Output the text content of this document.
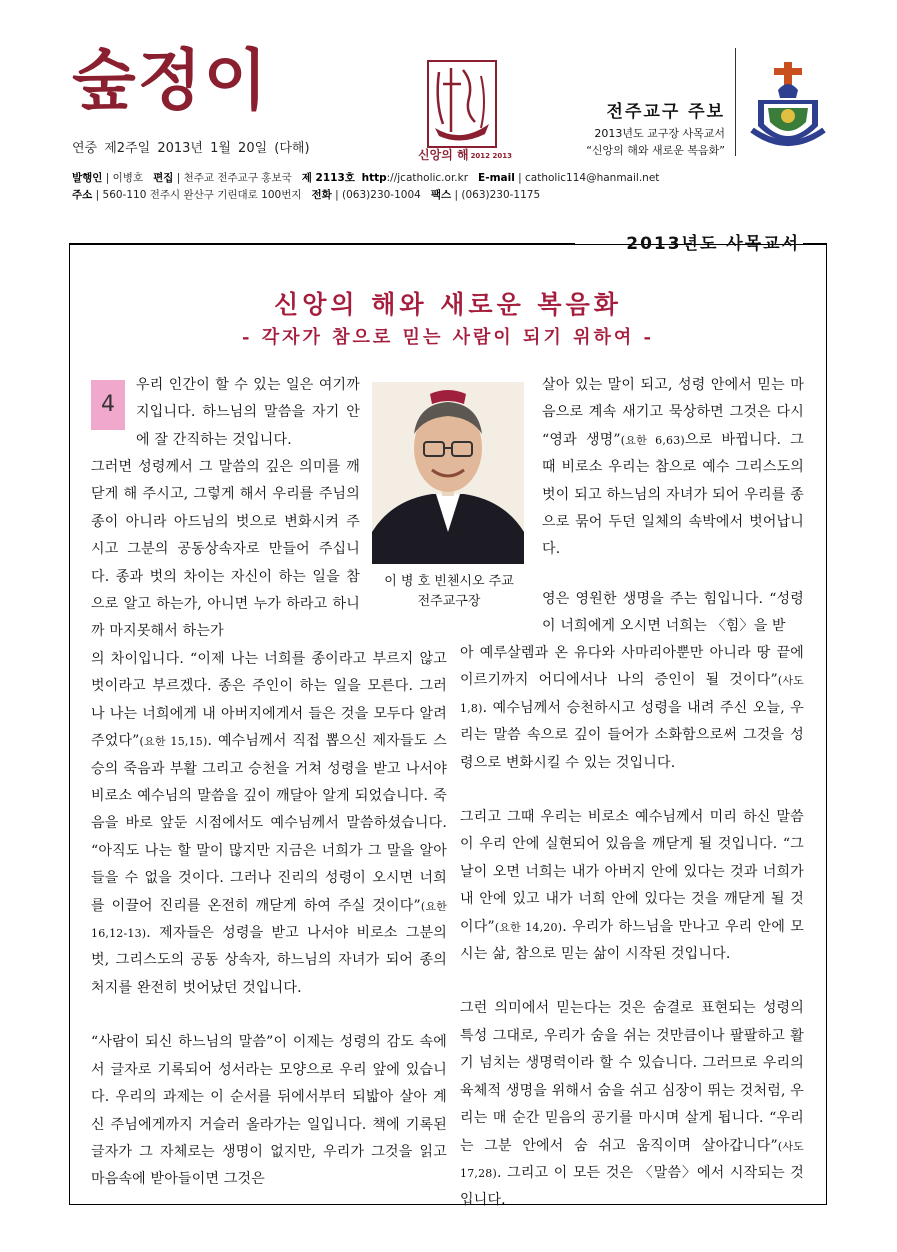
숲정이
연중 제2주일 2013년 1월 20일 (다해)	신앙의 해 2012 2013
전주교구 주보
2013년도 교구장 사목교서
“신앙의 해와 새로운 복음화”
발행인 | 이병호 편집 | 천주교 전주교구 홍보국 제 2113호 http://jcatholic.or.kr E-mail | catholic114@hanmail.net
주소 | 560-110 전주시 완산구 기린대로 100번지 전화 | (063)230-1004 팩스 | (063)230-1175
2013년도 사목교서
신앙의 해와 새로운 복음화
- 각자가 참으로 믿는 사람이 되기 위하여 -
4

우리 인간이 할 수 있는 일은 여기까지입니다. 하느님의 말씀을 자기 안에 잘 간직하는 것입니다.

그러면 성령께서 그 말씀의 깊은 의미를 깨닫게 해 주시고, 그렇게 해서 우리를 주님의 종이 아니라 아드님의 벗으로 변화시켜 주시고 그분의 공동상속자로 만들어 주십니다. 종과 벗의 차이는 자신이 하는 일을 참으로 알고 하는가, 아니면 누가 하라고 하니까 마지못해서 하는가

의 차이입니다. “이제 나는 너희를 종이라고 부르지 않고 벗이라고 부르겠다. 종은 주인이 하는 일을 모른다. 그러나 나는 너희에게 내 아버지에게서 들은 것을 모두다 알려 주었다”(요한 15,15). 예수님께서 직접 뽑으신 제자들도 스승의 죽음과 부활 그리고 승천을 거쳐 성령을 받고 나서야 비로소 예수님의 말씀을 깊이 깨달아 알게 되었습니다. 죽음을 바로 앞둔 시점에서도 예수님께서 말씀하셨습니다. “아직도 나는 할 말이 많지만 지금은 너희가 그 말을 알아들을 수 없을 것이다. 그러나 진리의 성령이 오시면 너희를 이끌어 진리를 온전히 깨닫게 하여 주실 것이다”(요한 16,12-13). 제자들은 성령을 받고 나서야 비로소 그분의 벗, 그리스도의 공동 상속자, 하느님의 자녀가 되어 종의 처지를 완전히 벗어났던 것입니다.

“사람이 되신 하느님의 말씀”이 이제는 성령의 감도 속에서 글자로 기록되어 성서라는 모양으로 우리 앞에 있습니다. 우리의 과제는 이 순서를 뒤에서부터 되밟아 살아 계신 주님에게까지 거슬러 올라가는 일입니다. 책에 기록된 글자가 그 자체로는 생명이 없지만, 우리가 그것을 읽고 마음속에 받아들이면 그것은

이 병 호 빈첸시오 주교
전주교구장

살아 있는 말이 되고, 성령 안에서 믿는 마음으로 계속 새기고 묵상하면 그것은 다시 “영과 생명”(요한 6,63)으로 바뀝니다. 그 때 비로소 우리는 참으로 예수 그리스도의 벗이 되고 하느님의 자녀가 되어 우리를 종으로 묶어 두던 일체의 속박에서 벗어납니다.

영은 영원한 생명을 주는 힘입니다. “성령이 너희에게 오시면 너희는 〈힘〉을 받

아 예루살렘과 온 유다와 사마리아뿐만 아니라 땅 끝에 이르기까지 어디에서나 나의 증인이 될 것이다”(사도 1,8). 예수님께서 승천하시고 성령을 내려 주신 오늘, 우리는 말씀 속으로 깊이 들어가 소화함으로써 그것을 성령으로 변화시킬 수 있는 것입니다.

그리고 그때 우리는 비로소 예수님께서 미리 하신 말씀이 우리 안에 실현되어 있음을 깨닫게 될 것입니다. “그 날이 오면 너희는 내가 아버지 안에 있다는 것과 너희가 내 안에 있고 내가 너희 안에 있다는 것을 깨닫게 될 것이다”(요한 14,20). 우리가 하느님을 만나고 우리 안에 모시는 삶, 참으로 믿는 삶이 시작된 것입니다.

그런 의미에서 믿는다는 것은 숨결로 표현되는 성령의 특성 그대로, 우리가 숨을 쉬는 것만큼이나 팔팔하고 활기 넘치는 생명력이라 할 수 있습니다. 그러므로 우리의 육체적 생명을 위해서 숨을 쉬고 심장이 뛰는 것처럼, 우리는 매 순간 믿음의 공기를 마시며 살게 됩니다. “우리는 그분 안에서 숨 쉬고 움직이며 살아갑니다”(사도 17,28). 그리고 이 모든 것은 〈말씀〉에서 시작되는 것입니다.
